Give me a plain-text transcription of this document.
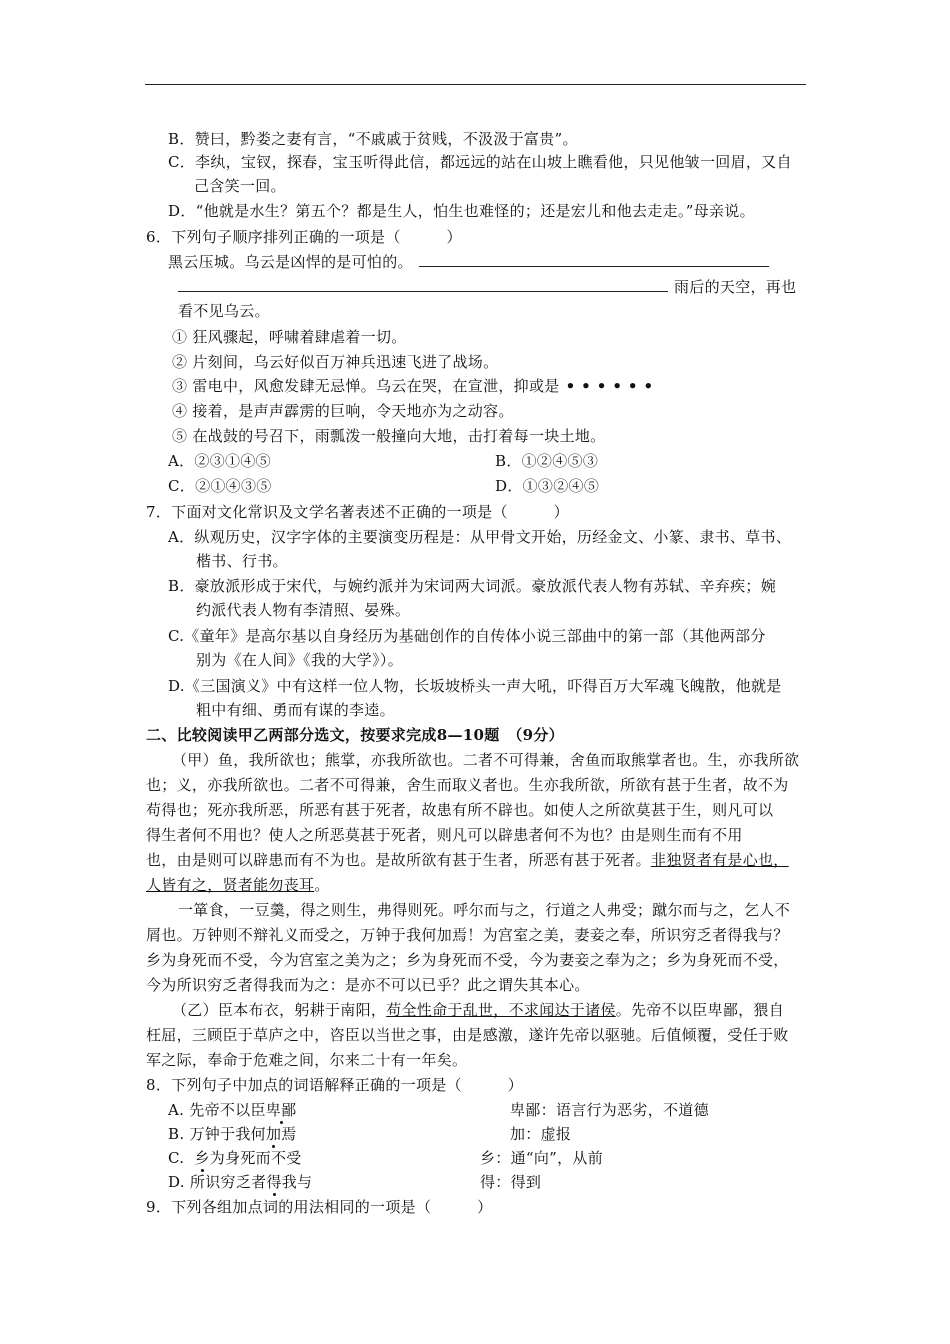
B．赞曰，黔娄之妻有言，“不戚戚于贫贱，不汲汲于富贵”。
C．李纨，宝钗，探春，宝玉听得此信，都远远的站在山坡上瞧看他，只见他皱一回眉，又自
己含笑一回。
D．“他就是水生？第五个？都是生人，怕生也难怪的；还是宏儿和他去走走。”母亲说。
6．下列句子顺序排列正确的一项是（　　　）
黑云压城。乌云是凶悍的是可怕的。
雨后的天空，再也
看不见乌云。
① 狂风骤起，呼啸着肆虐着一切。
② 片刻间，乌云好似百万神兵迅速飞进了战场。
③ 雷电中，风愈发肆无忌惮。乌云在哭，在宣泄，抑或是 ••••••
④ 接着，是声声霹雳的巨响，令天地亦为之动容。
⑤ 在战鼓的号召下，雨瓢泼一般撞向大地，击打着每一块土地。
A．②③①④⑤	B．①②④⑤③
C．②①④③⑤	D．①③②④⑤
7．下面对文化常识及文学名著表述不正确的一项是（　　　）
A．纵观历史，汉字字体的主要演变历程是：从甲骨文开始，历经金文、小篆、隶书、草书、
楷书、行书。
B．豪放派形成于宋代，与婉约派并为宋词两大词派。豪放派代表人物有苏轼、辛弃疾；婉
约派代表人物有李清照、晏殊。
C.《童年》是高尔基以自身经历为基础创作的自传体小说三部曲中的第一部（其他两部分
别为《在人间》《我的大学》）。
D.《三国演义》中有这样一位人物，长坂坡桥头一声大吼，吓得百万大军魂飞魄散，他就是
粗中有细、勇而有谋的李逵。
二、比较阅读甲乙两部分选文，按要求完成8—10题　（9分）
（甲）鱼，我所欲也；熊掌，亦我所欲也。二者不可得兼，舍鱼而取熊掌者也。生，亦我所欲
也；义，亦我所欲也。二者不可得兼，舍生而取义者也。生亦我所欲，所欲有甚于生者，故不为
苟得也；死亦我所恶，所恶有甚于死者，故患有所不辟也。如使人之所欲莫甚于生，则凡可以
得生者何不用也？使人之所恶莫甚于死者，则凡可以辟患者何不为也？由是则生而有不用
也，由是则可以辟患而有不为也。是故所欲有甚于生者，所恶有甚于死者。非独贤者有是心也，
人皆有之，贤者能勿丧耳。
一箪食，一豆羹，得之则生，弗得则死。呼尔而与之，行道之人弗受；蹴尔而与之，乞人不
屑也。万钟则不辩礼义而受之，万钟于我何加焉！为宫室之美，妻妾之奉，所识穷乏者得我与？
乡为身死而不受，今为宫室之美为之；乡为身死而不受，今为妻妾之奉为之；乡为身死而不受，
今为所识穷乏者得我而为之：是亦不可以已乎？此之谓失其本心。
（乙）臣本布衣，躬耕于南阳，苟全性命于乱世，不求闻达于诸侯。先帝不以臣卑鄙，猥自
枉屈，三顾臣于草庐之中，咨臣以当世之事，由是感激，遂许先帝以驱驰。后值倾覆，受任于败
军之际，奉命于危难之间，尔来二十有一年矣。
8．下列句子中加点的词语解释正确的一项是（　　　）
A. 先帝不以臣卑鄙	卑鄙：语言行为恶劣，不道德
B. 万钟于我何加焉	加：虚报
C.  乡为身死而不受	乡：通“向”，从前
D. 所识穷乏者得我与	得：得到
9．下列各组加点词的用法相同的一项是（　　　）
